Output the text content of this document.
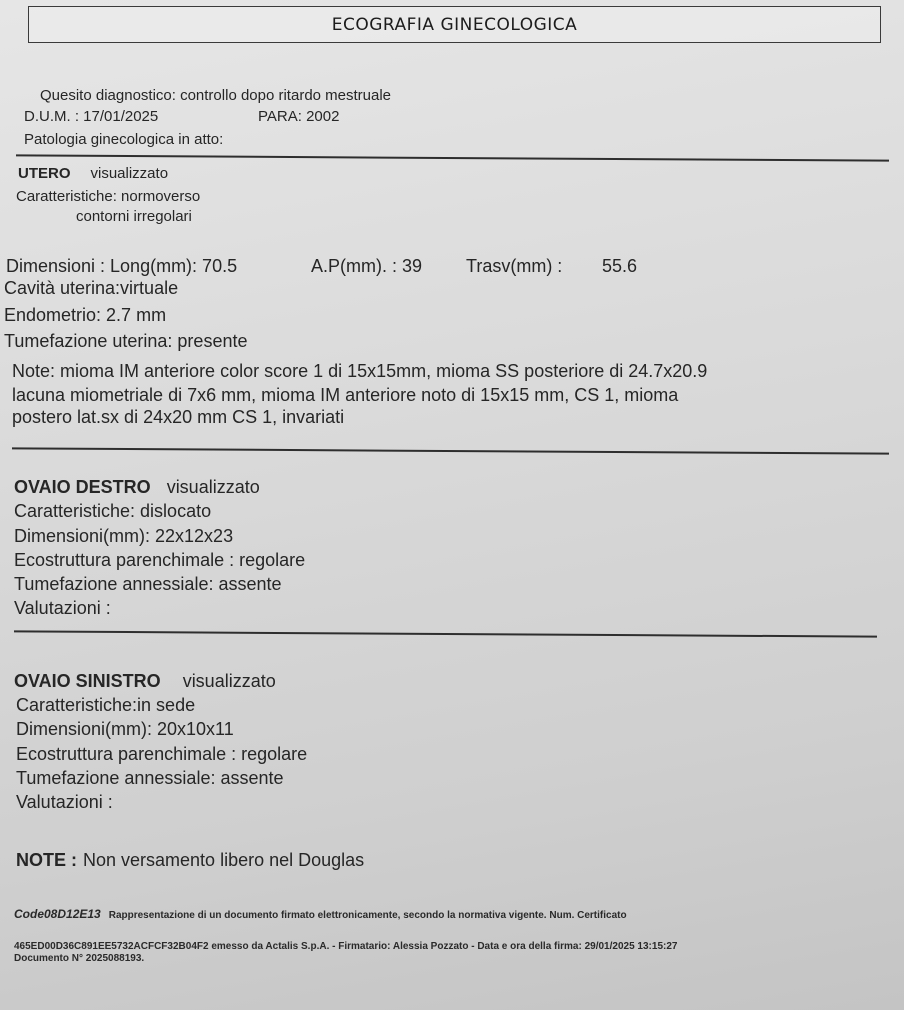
ECOGRAFIA GINECOLOGICA
Quesito diagnostico: controllo dopo ritardo mestruale
D.U.M. : 17/01/2025	PARA: 2002
Patologia ginecologica in atto:
UTERO visualizzato
Caratteristiche: normoverso
contorni irregolari
Dimensioni : Long(mm): 70.5	A.P(mm). : 39 Trasv(mm) : 55.6
Cavità uterina:virtuale
Endometrio: 2.7 mm
Tumefazione uterina: presente
Note: mioma IM anteriore color score 1 di 15x15mm, mioma SS posteriore di 24.7x20.9
lacuna miometriale di 7x6 mm, mioma IM anteriore noto di 15x15 mm, CS 1, mioma
postero lat.sx di 24x20 mm CS 1, invariati
OVAIO DESTRO visualizzato
Caratteristiche: dislocato
Dimensioni(mm): 22x12x23
Ecostruttura parenchimale : regolare
Tumefazione annessiale: assente
Valutazioni :
OVAIO SINISTRO visualizzato
Caratteristiche:in sede
Dimensioni(mm): 20x10x11
Ecostruttura parenchimale : regolare
Tumefazione annessiale: assente
Valutazioni :
NOTE : Non versamento libero nel Douglas
Code08D12E13 Rappresentazione di un documento firmato elettronicamente, secondo la normativa vigente. Num. Certificato
465ED00D36C891EE5732ACFCF32B04F2 emesso da Actalis S.p.A. - Firmatario: Alessia Pozzato - Data e ora della firma: 29/01/2025 13:15:27
Documento N° 2025088193.
